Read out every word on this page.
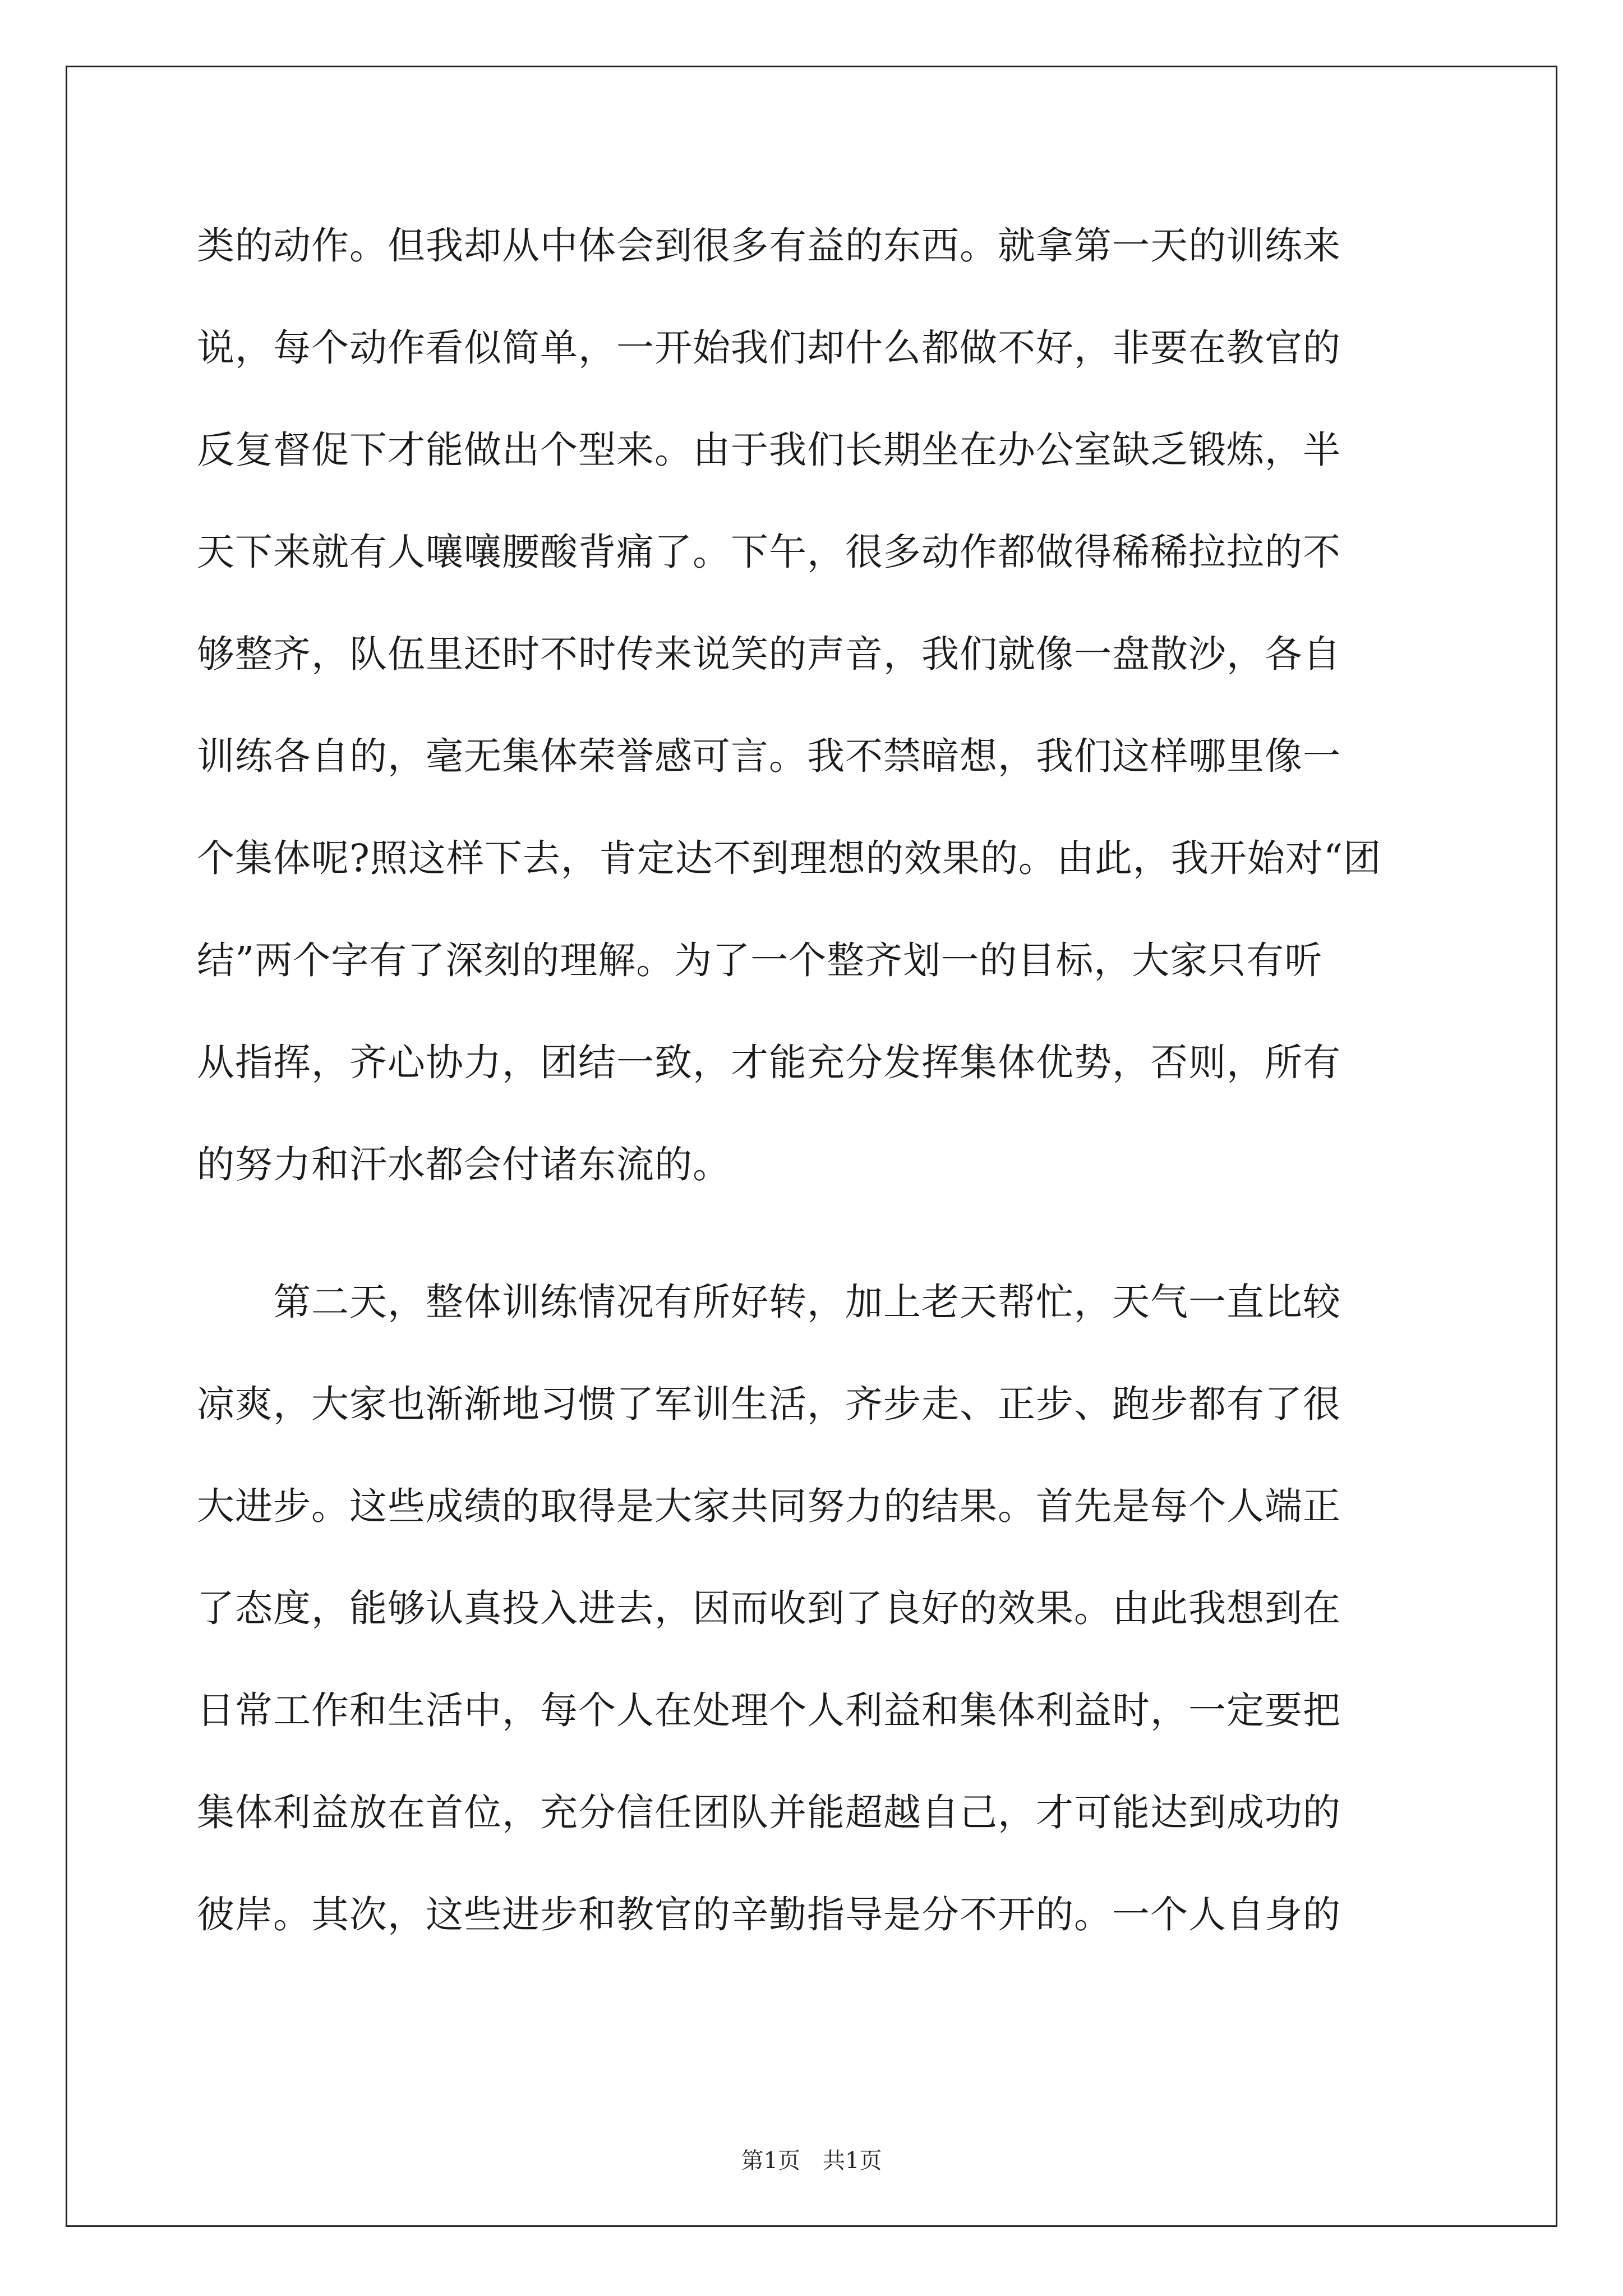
类的动作。但我却从中体会到很多有益的东西。就拿第一天的训练来
说，每个动作看似简单，一开始我们却什么都做不好，非要在教官的
反复督促下才能做出个型来。由于我们长期坐在办公室缺乏锻炼，半
天下来就有人嚷嚷腰酸背痛了。下午，很多动作都做得稀稀拉拉的不
够整齐，队伍里还时不时传来说笑的声音，我们就像一盘散沙，各自
训练各自的，毫无集体荣誉感可言。我不禁暗想，我们这样哪里像一
个集体呢?照这样下去，肯定达不到理想的效果的。由此，我开始对“团
结”两个字有了深刻的理解。为了一个整齐划一的目标，大家只有听
从指挥，齐心协力，团结一致，才能充分发挥集体优势，否则，所有
的努力和汗水都会付诸东流的。
　　第二天，整体训练情况有所好转，加上老天帮忙，天气一直比较
凉爽，大家也渐渐地习惯了军训生活，齐步走、正步、跑步都有了很
大进步。这些成绩的取得是大家共同努力的结果。首先是每个人端正
了态度，能够认真投入进去，因而收到了良好的效果。由此我想到在
日常工作和生活中，每个人在处理个人利益和集体利益时，一定要把
集体利益放在首位，充分信任团队并能超越自己，才可能达到成功的
彼岸。其次，这些进步和教官的辛勤指导是分不开的。一个人自身的
第1页　共1页
